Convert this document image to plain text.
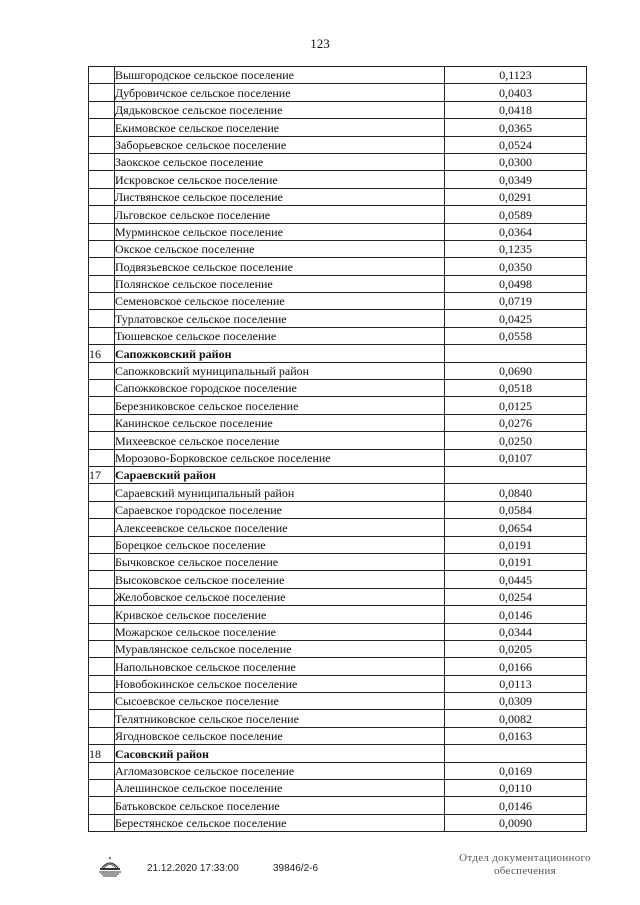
123
	Вышгородское сельское поселение	0,1123
	Дубровичское сельское поселение	0,0403
	Дядьковское сельское поселение	0,0418
	Екимовское сельское поселение	0,0365
	Заборьевское сельское поселение	0,0524
	Заокское сельское поселение	0,0300
	Искровское сельское поселение	0,0349
	Листвянское сельское поселение	0,0291
	Льговское сельское поселение	0,0589
	Мурминское сельское поселение	0,0364
	Окское сельское поселение	0,1235
	Подвязьевское сельское поселение	0,0350
	Полянское сельское поселение	0,0498
	Семеновское сельское поселение	0,0719
	Турлатовское сельское поселение	0,0425
	Тюшевское сельское поселение	0,0558
16	Сапожковский район	
	Сапожковский муниципальный район	0,0690
	Сапожковское городское поселение	0,0518
	Березниковское сельское поселение	0,0125
	Канинское сельское поселение	0,0276
	Михеевское сельское поселение	0,0250
	Морозово-Борковское сельское поселение	0,0107
17	Сараевский район	
	Сараевский муниципальный район	0,0840
	Сараевское городское поселение	0,0584
	Алексеевское сельское поселение	0,0654
	Борецкое сельское поселение	0,0191
	Бычковское сельское поселение	0,0191
	Высоковское сельское поселение	0,0445
	Желобовское сельское поселение	0,0254
	Кривское сельское поселение	0,0146
	Можарское сельское поселение	0,0344
	Муравлянское сельское поселение	0,0205
	Напольновское сельское поселение	0,0166
	Новобокинское сельское поселение	0,0113
	Сысоевское сельское поселение	0,0309
	Телятниковское сельское поселение	0,0082
	Ягодновское сельское поселение	0,0163
18	Сасовский район	
	Агломазовское сельское поселение	0,0169
	Алешинское сельское поселение	0,0110
	Батьковское сельское поселение	0,0146
	Берестянское сельское поселение	0,0090
21.12.2020 17:33:00	39846/2-6
Отдел документационного
обеспечения
